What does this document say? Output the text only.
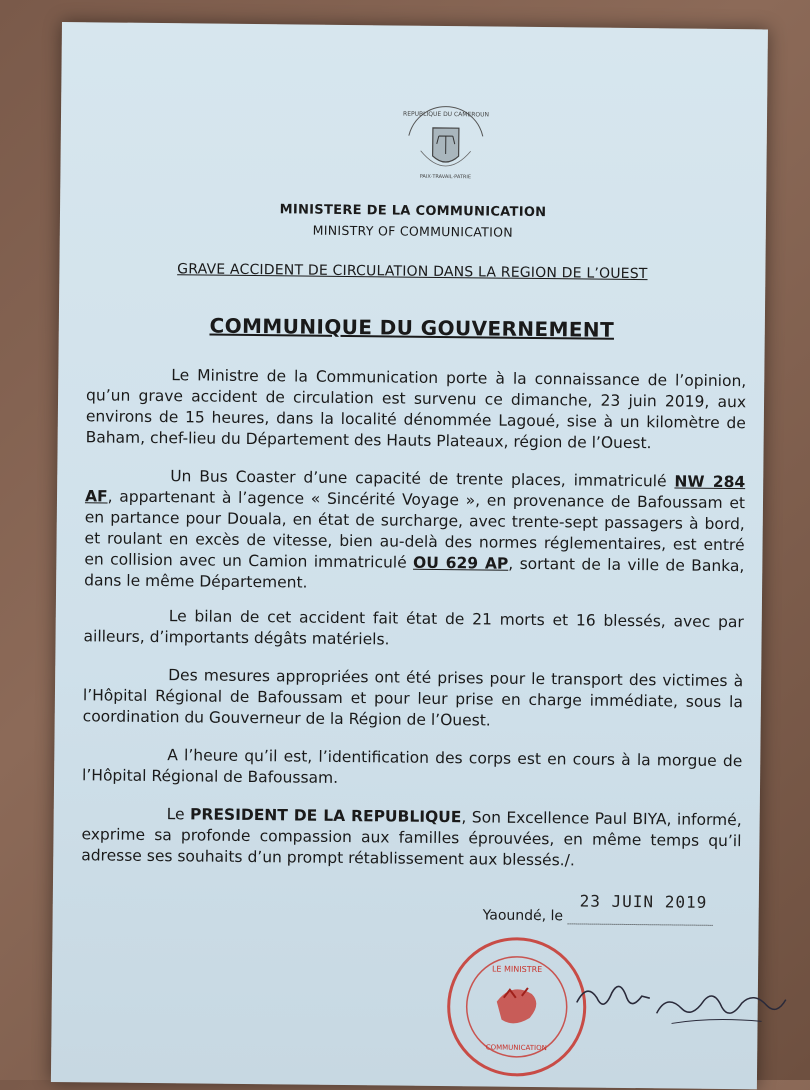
REPUBLIQUE DU CAMEROUN
PAIX·TRAVAIL·PATRIE
MINISTERE DE LA COMMUNICATION
MINISTRY OF COMMUNICATION
GRAVE ACCIDENT DE CIRCULATION DANS LA REGION DE L’OUEST
COMMUNIQUE DU GOUVERNEMENT

Le Ministre de la Communication porte à la connaissance de l’opinion, qu’un grave accident de circulation est survenu ce dimanche, 23 juin 2019, aux environs de 15 heures, dans la localité dénommée Lagoué, sise à un kilomètre de Baham, chef-lieu du Département des Hauts Plateaux, région de l’Ouest.

Un Bus Coaster d’une capacité de trente places, immatriculé NW 284 AF, appartenant à l’agence « Sincérité Voyage », en provenance de Bafoussam et en partance pour Douala, en état de surcharge, avec trente-sept passagers à bord, et roulant en excès de vitesse, bien au-delà des normes réglementaires, est entré en collision avec un Camion immatriculé OU 629 AP, sortant de la ville de Banka, dans le même Département.

Le bilan de cet accident fait état de 21 morts et 16 blessés, avec par ailleurs, d’importants dégâts matériels.

Des mesures appropriées ont été prises pour le transport des victimes à l’Hôpital Régional de Bafoussam et pour leur prise en charge immédiate, sous la coordination du Gouverneur de la Région de l’Ouest.

A l’heure qu’il est, l’identification des corps est en cours à la morgue de l’Hôpital Régional de Bafoussam.

Le PRESIDENT DE LA REPUBLIQUE, Son Excellence Paul BIYA, informé, exprime sa profonde compassion aux familles éprouvées, en même temps qu’il adresse ses souhaits d’un prompt rétablissement aux blessés./.

Yaoundé, le
23 JUIN 2019
LE MINISTRE
COMMUNICATION
